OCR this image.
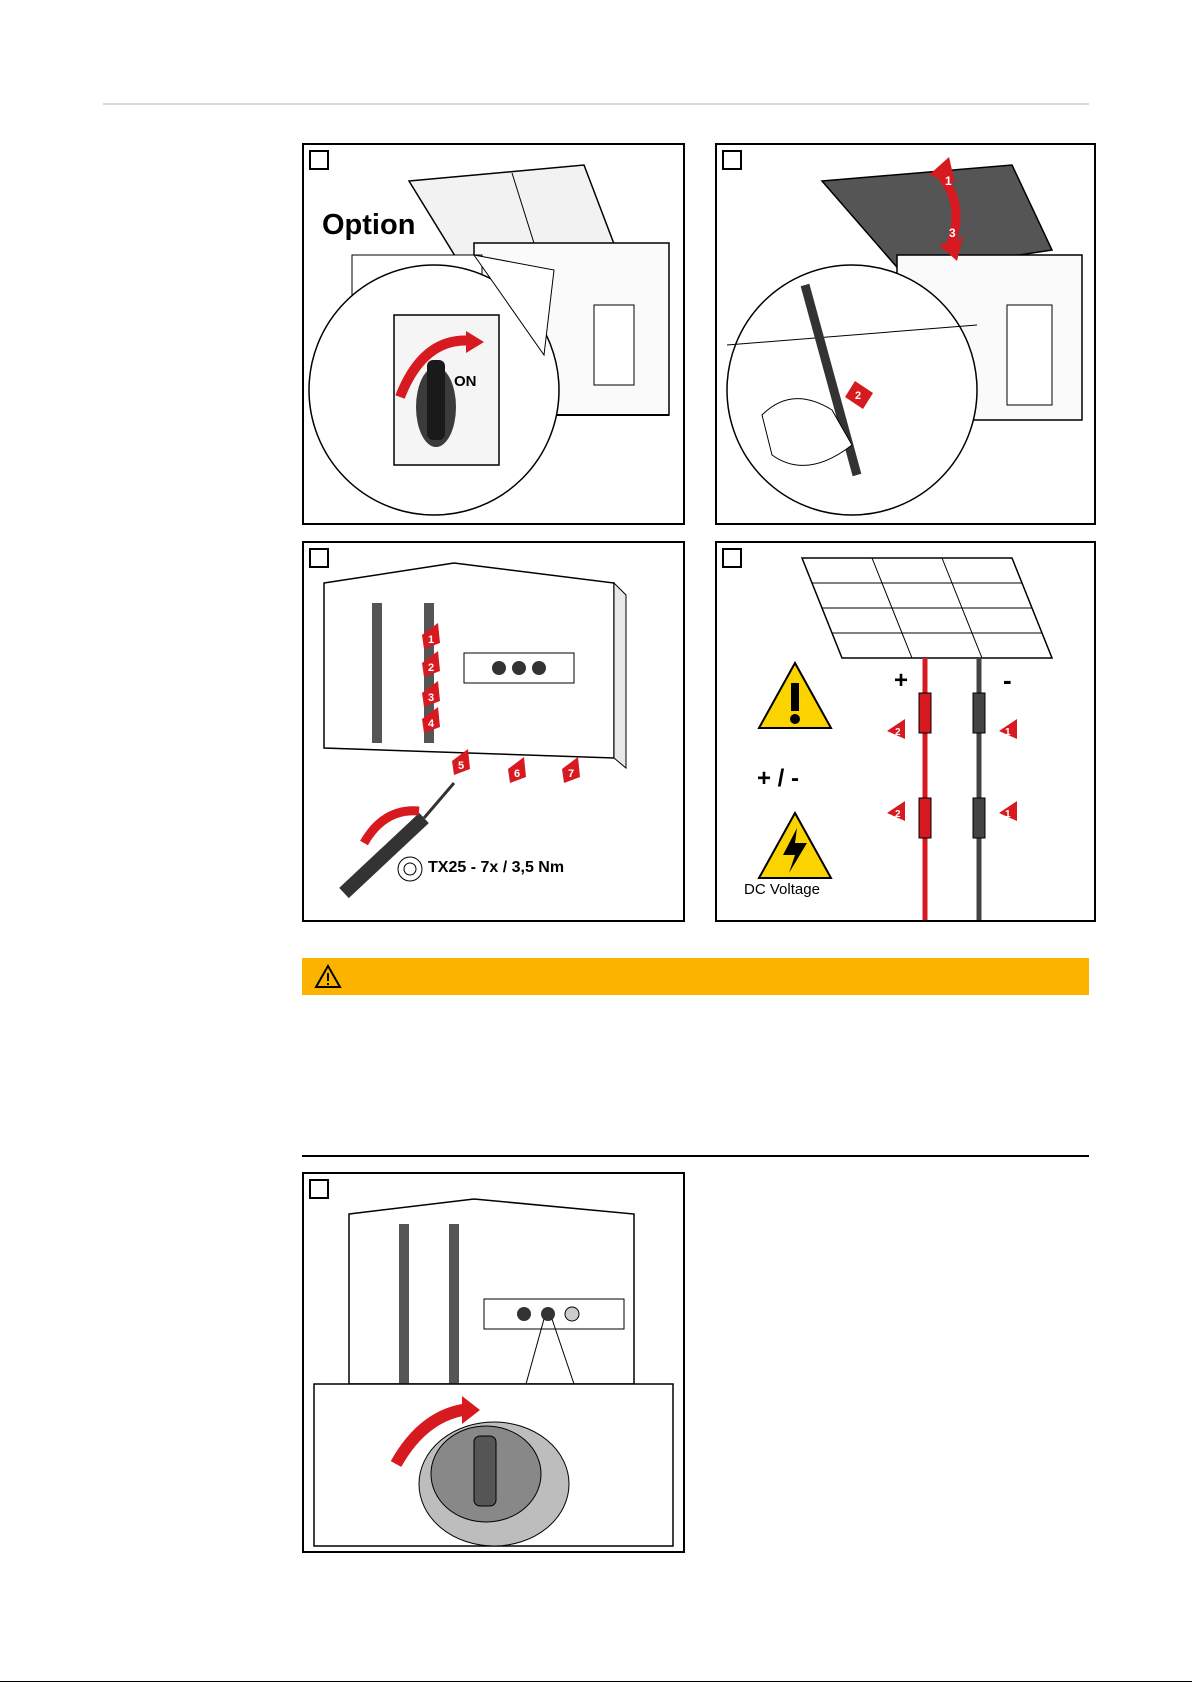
Option
ON
1
3
2
1
2
3
4
5
6	7
TX25 - 7x / 3,5 Nm
2	1
2	1
+ / -
DC Voltage
+	-
